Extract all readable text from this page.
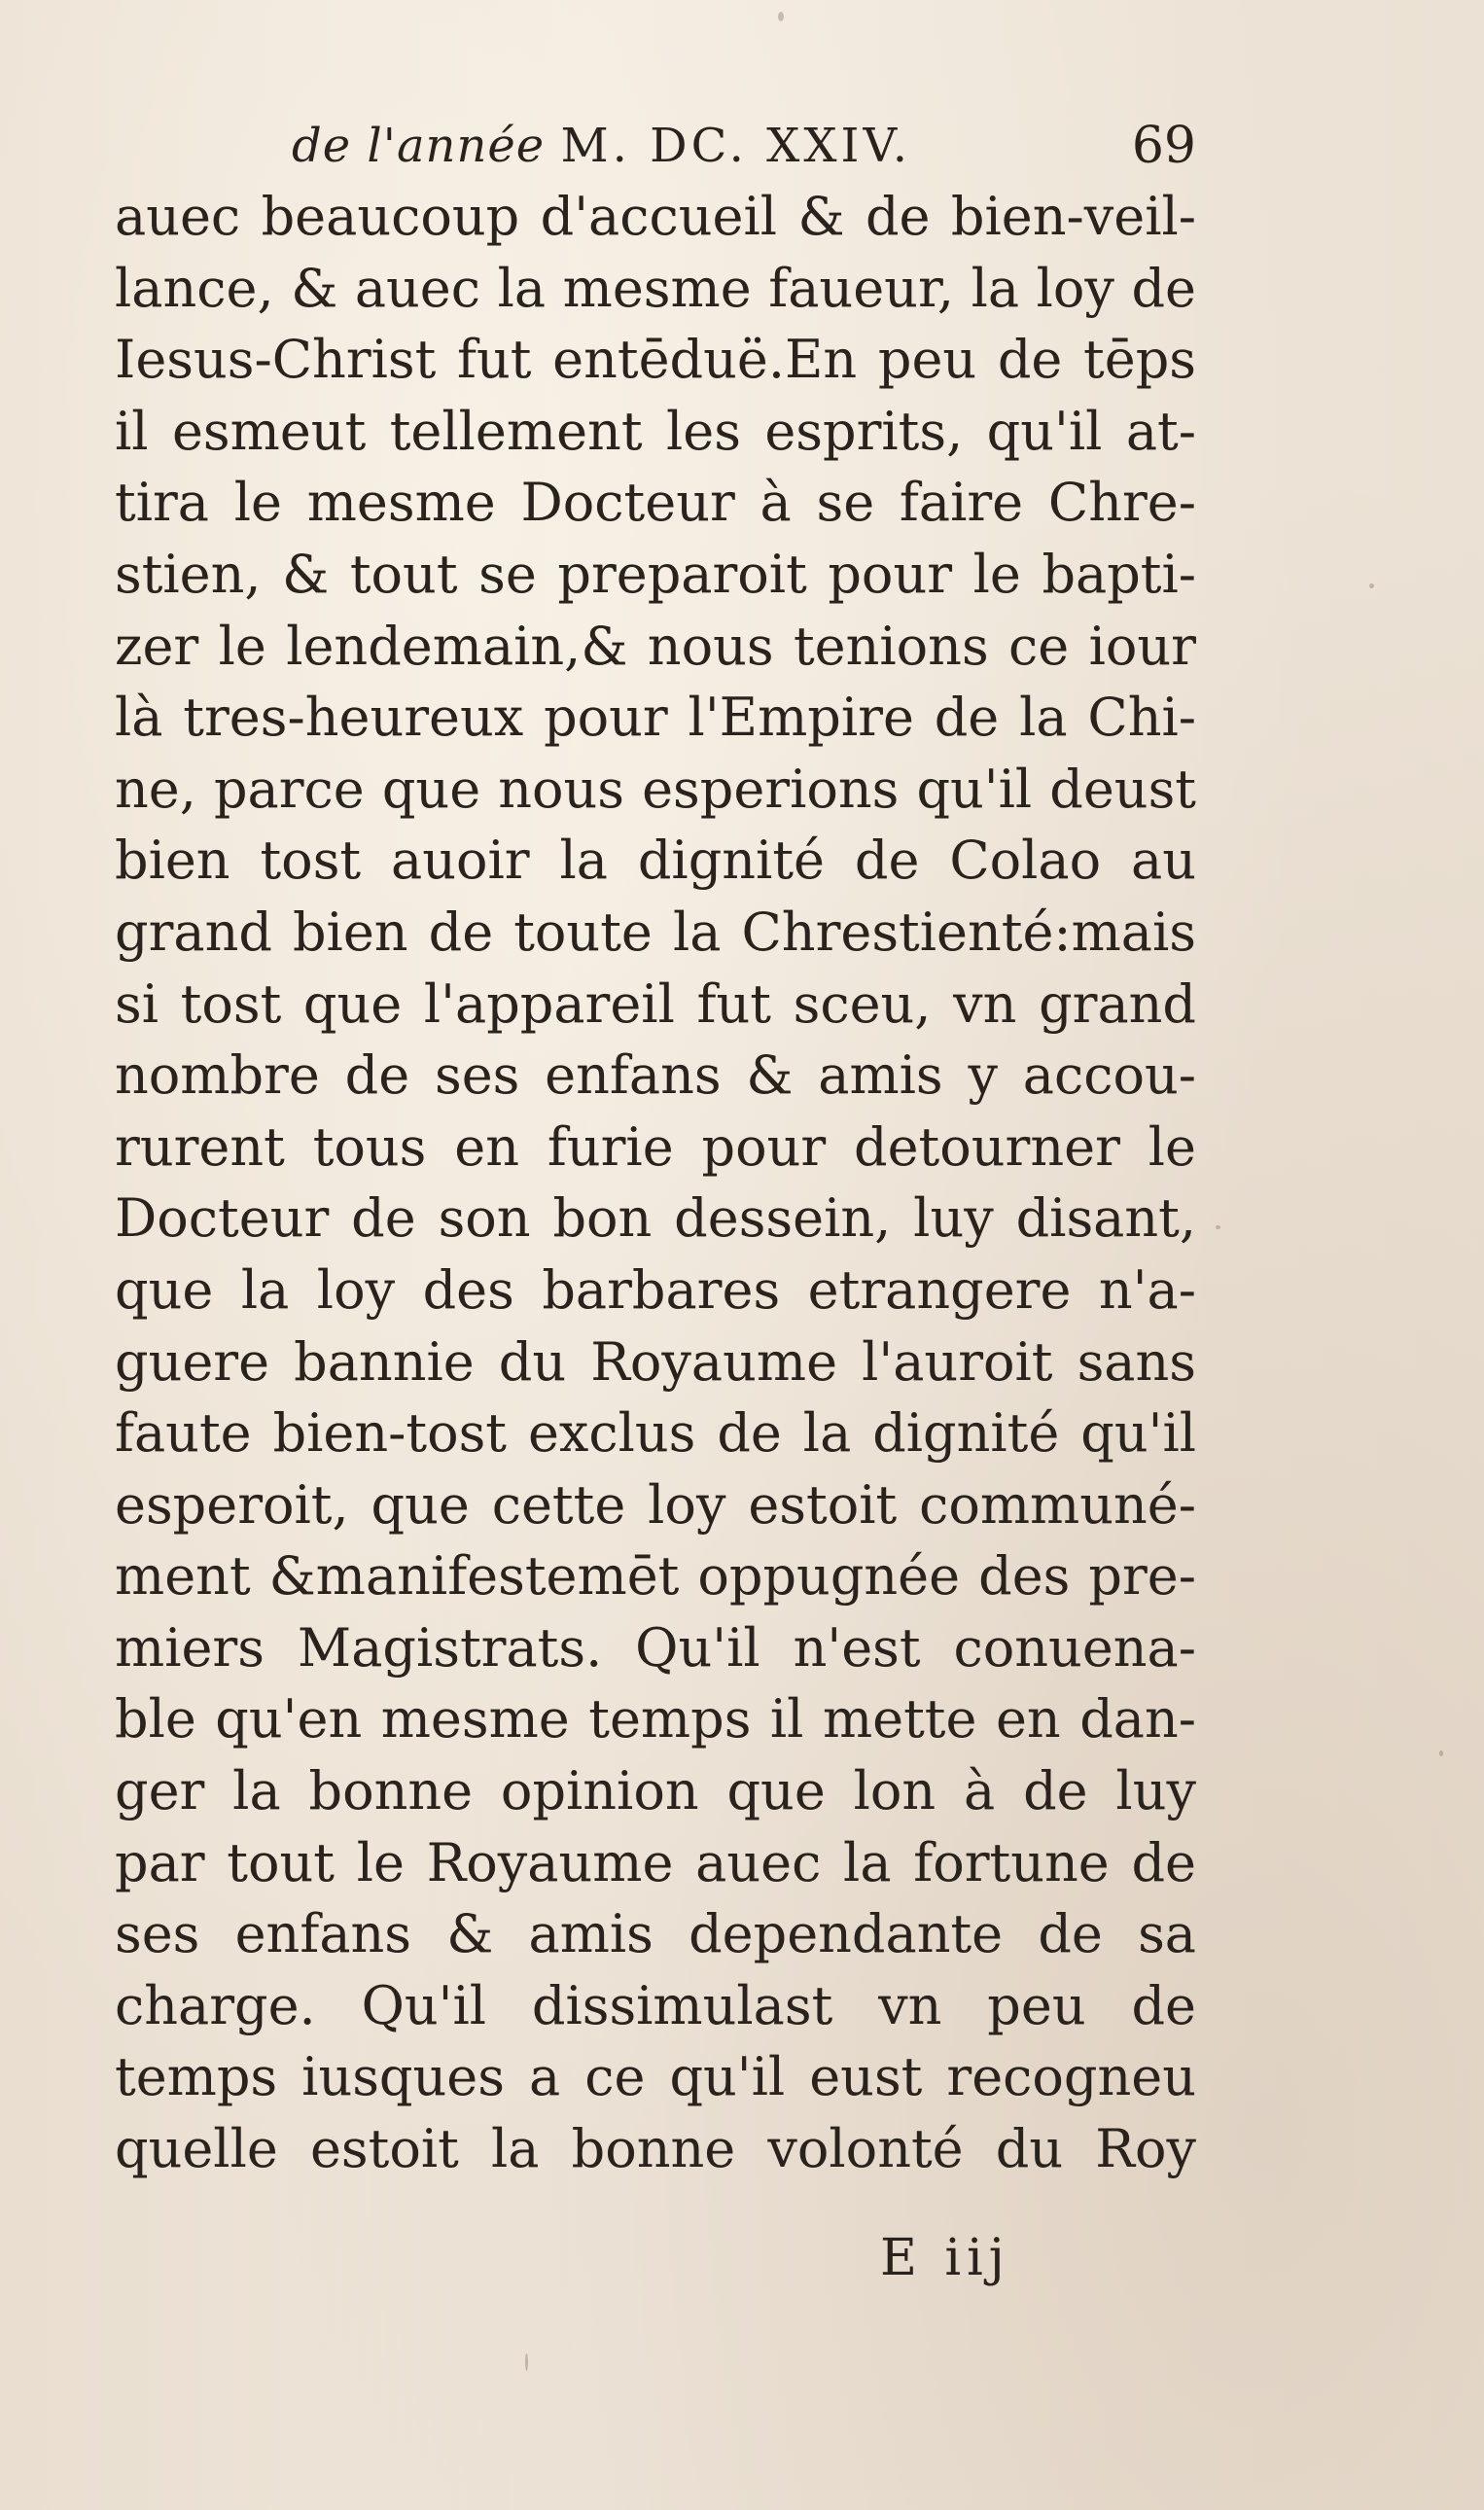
de l'année M. DC. XXIV.	69
auec beaucoup d'accueil & de bien-veil-
lance, & auec la mesme faueur, la loy de
Iesus-Christ fut entēduë.En peu de tēps
il esmeut tellement les esprits, qu'il at-
tira le mesme Docteur à se faire Chre-
stien, & tout se preparoit pour le bapti-
zer le lendemain,& nous tenions ce iour
là tres-heureux pour l'Empire de la Chi-
ne, parce que nous esperions qu'il deust
bien tost auoir la dignité de Colao au
grand bien de toute la Chrestienté:mais
si tost que l'appareil fut sceu, vn grand
nombre de ses enfans & amis y accou-
rurent tous en furie pour detourner le
Docteur de son bon dessein, luy disant,
que la loy des barbares etrangere n'a-
guere bannie du Royaume l'auroit sans
faute bien-tost exclus de la dignité qu'il
esperoit, que cette loy estoit communé-
ment &manifestemēt oppugnée des pre-
miers Magistrats. Qu'il n'est conuena-
ble qu'en mesme temps il mette en dan-
ger la bonne opinion que lon à de luy
par tout le Royaume auec la fortune de
ses enfans & amis dependante de sa
charge. Qu'il dissimulast vn peu de
temps iusques a ce qu'il eust recogneu
quelle estoit la bonne volonté du Roy
E iij
